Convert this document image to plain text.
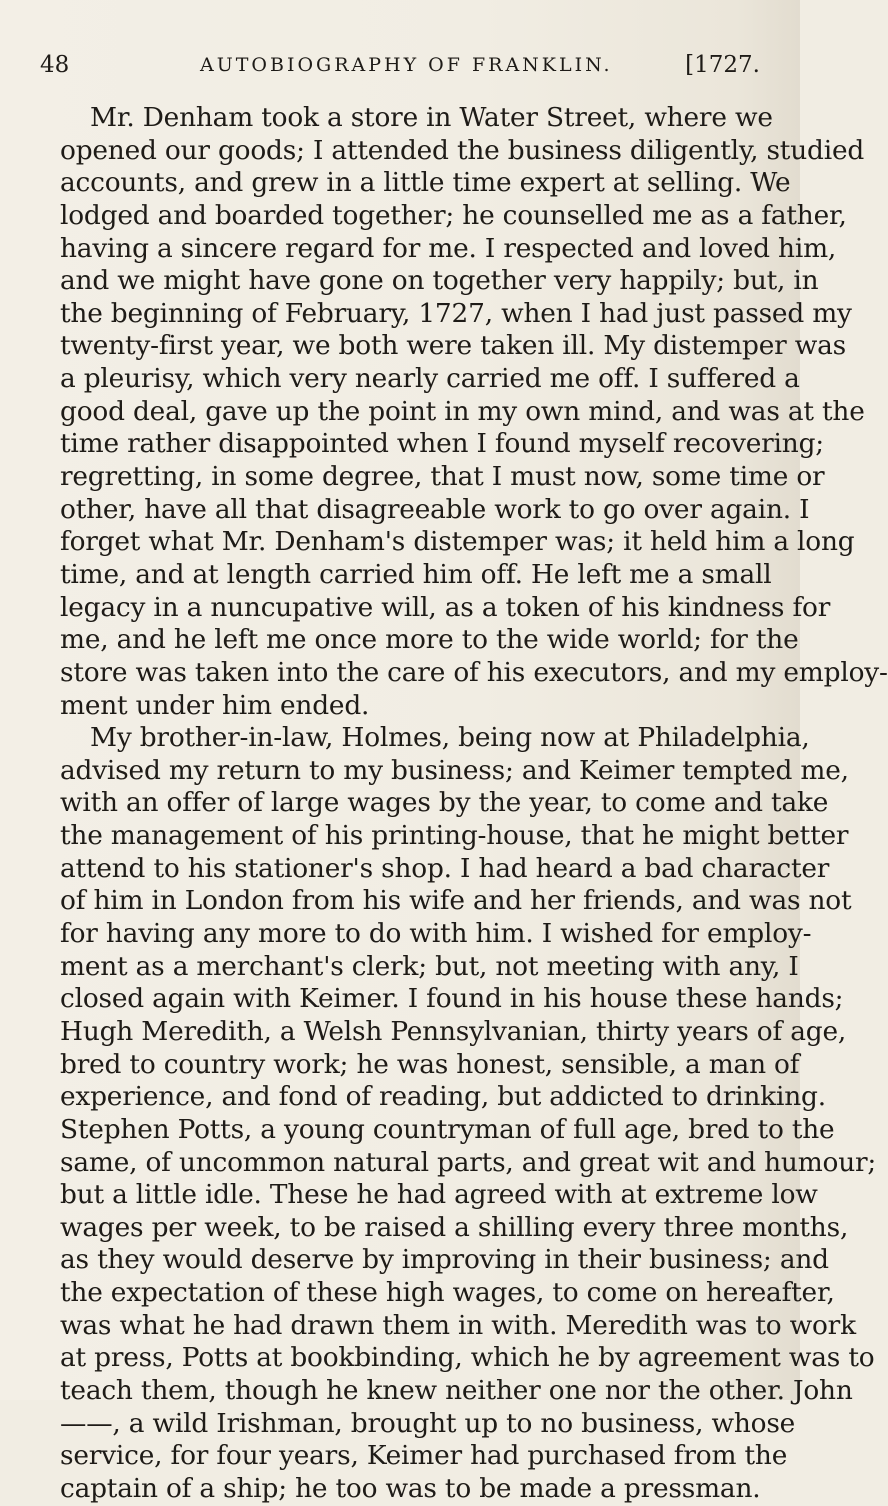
48	AUTOBIOGRAPHY OF FRANKLIN.	[1727.
Mr. Denham took a store in Water Street, where we
opened our goods; I attended the business diligently, studied
accounts, and grew in a little time expert at selling. We
lodged and boarded together; he counselled me as a father,
having a sincere regard for me. I respected and loved him,
and we might have gone on together very happily; but, in
the beginning of February, 1727, when I had just passed my
twenty-first year, we both were taken ill. My distemper was
a pleurisy, which very nearly carried me off. I suffered a
good deal, gave up the point in my own mind, and was at the
time rather disappointed when I found myself recovering;
regretting, in some degree, that I must now, some time or
other, have all that disagreeable work to go over again. I
forget what Mr. Denham's distemper was; it held him a long
time, and at length carried him off. He left me a small
legacy in a nuncupative will, as a token of his kindness for
me, and he left me once more to the wide world; for the
store was taken into the care of his executors, and my employ-
ment under him ended.
My brother-in-law, Holmes, being now at Philadelphia,
advised my return to my business; and Keimer tempted me,
with an offer of large wages by the year, to come and take
the management of his printing-house, that he might better
attend to his stationer's shop. I had heard a bad character
of him in London from his wife and her friends, and was not
for having any more to do with him. I wished for employ-
ment as a merchant's clerk; but, not meeting with any, I
closed again with Keimer. I found in his house these hands;
Hugh Meredith, a Welsh Pennsylvanian, thirty years of age,
bred to country work; he was honest, sensible, a man of
experience, and fond of reading, but addicted to drinking.
Stephen Potts, a young countryman of full age, bred to the
same, of uncommon natural parts, and great wit and humour;
but a little idle. These he had agreed with at extreme low
wages per week, to be raised a shilling every three months,
as they would deserve by improving in their business; and
the expectation of these high wages, to come on hereafter,
was what he had drawn them in with. Meredith was to work
at press, Potts at bookbinding, which he by agreement was to
teach them, though he knew neither one nor the other. John
——, a wild Irishman, brought up to no business, whose
service, for four years, Keimer had purchased from the
captain of a ship; he too was to be made a pressman.
